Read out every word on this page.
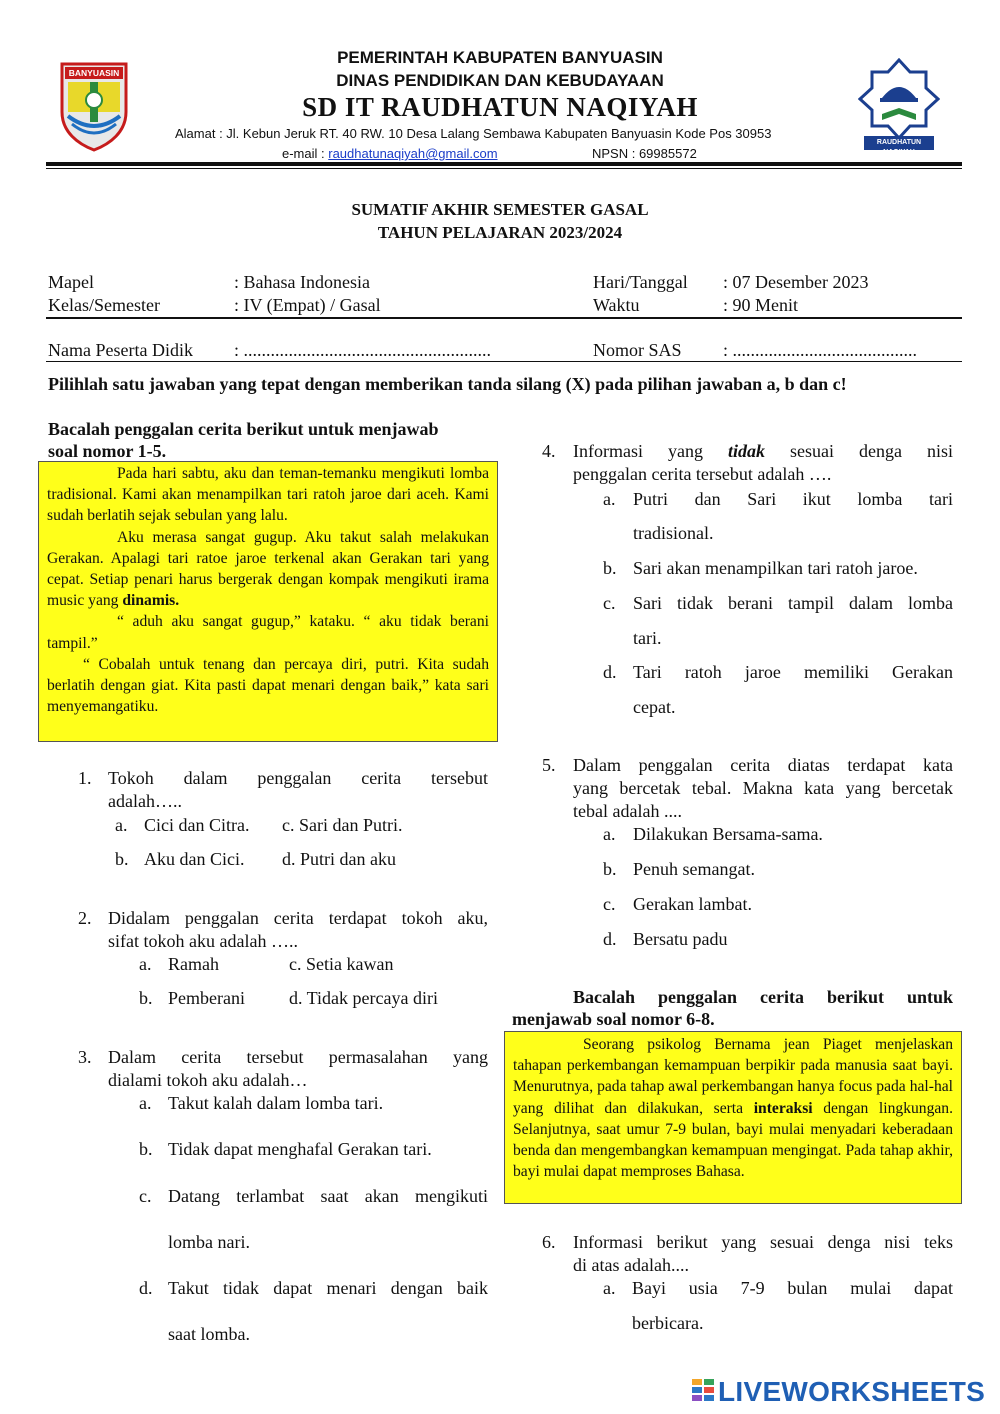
BANYUASIN
RAUDHATUN NAQIYAH
PEMERINTAH KABUPATEN BANYUASIN
DINAS PENDIDIKAN DAN KEBUDAYAAN
SD IT RAUDHATUN NAQIYAH
Alamat : Jl. Kebun Jeruk RT. 40 RW. 10 Desa Lalang Sembawa Kabupaten Banyuasin Kode Pos 30953
e-mail : raudhatunaqiyah@gmail.com	NPSN : 69985572
SUMATIF AKHIR SEMESTER GASAL
TAHUN PELAJARAN 2023/2024
Mapel	: Bahasa Indonesia	Hari/Tanggal : 07 Desember 2023
Kelas/Semester	: IV (Empat) / Gasal	Waktu	: 90 Menit
Nama Peserta Didik : .......................................................	Nomor SAS : .........................................
Pilihlah satu jawaban yang tepat dengan memberikan tanda silang (X) pada pilihan jawaban a, b dan c!
Bacalah penggalan cerita berikut untuk menjawab
soal nomor 1-5.

Pada hari sabtu, aku dan teman-temanku mengikuti lomba tradisional. Kami akan menampilkan tari ratoh jaroe dari aceh. Kami sudah berlatih sejak sebulan yang lalu.

Aku merasa sangat gugup. Aku takut salah melakukan Gerakan. Apalagi tari ratoe jaroe terkenal akan Gerakan tari yang cepat. Setiap penari harus bergerak dengan kompak mengikuti irama music yang dinamis.

“ aduh aku sangat gugup,” kataku. “ aku tidak berani tampil.”

“ Cobalah untuk tenang dan percaya diri, putri. Kita sudah berlatih dengan giat. Kita pasti dapat menari dengan baik,” kata sari menyemangatiku.

1. Tokoh dalam penggalan cerita tersebut
adalah…..
a. Cici dan Citra. c. Sari dan Putri.
b. Aku dan Cici. d. Putri dan aku
2. Didalam penggalan cerita terdapat tokoh aku,
sifat tokoh aku adalah …..
a. Ramah	c. Setia kawan
b. Pemberani d. Tidak percaya diri
3. Dalam cerita tersebut permasalahan yang
dialami tokoh aku adalah…
a. Takut kalah dalam lomba tari.
b. Tidak dapat menghafal Gerakan tari.
c. Datang terlambat saat akan mengikuti
lomba nari.
d. Takut tidak dapat menari dengan baik
saat lomba.
4. Informasi yang tidak sesuai denga nisi
penggalan cerita tersebut adalah ….
a. Putri dan Sari ikut lomba tari
tradisional.
b. Sari akan menampilkan tari ratoh jaroe.
c. Sari tidak berani tampil dalam lomba
tari.
d. Tari ratoh jaroe memiliki Gerakan
cepat.
5. Dalam penggalan cerita diatas terdapat kata
yang bercetak tebal. Makna kata yang bercetak
tebal adalah ....
a. Dilakukan Bersama-sama.
b. Penuh semangat.
c. Gerakan lambat.
d. Bersatu padu
Bacalah penggalan cerita berikut untuk
menjawab soal nomor 6-8.

Seorang psikolog Bernama jean Piaget menjelaskan tahapan perkembangan kemampuan berpikir pada manusia saat bayi. Menurutnya, pada tahap awal perkembangan hanya focus pada hal-hal yang dilihat dan dilakukan, serta interaksi dengan lingkungan. Selanjutnya, saat umur 7-9 bulan, bayi mulai menyadari keberadaan benda dan mengembangkan kemampuan mengingat. Pada tahap akhir, bayi mulai dapat memproses Bahasa.

6. Informasi berikut yang sesuai denga nisi teks
di atas adalah....
a. Bayi usia 7-9 bulan mulai dapat
berbicara.
LIVEWORKSHEETS
